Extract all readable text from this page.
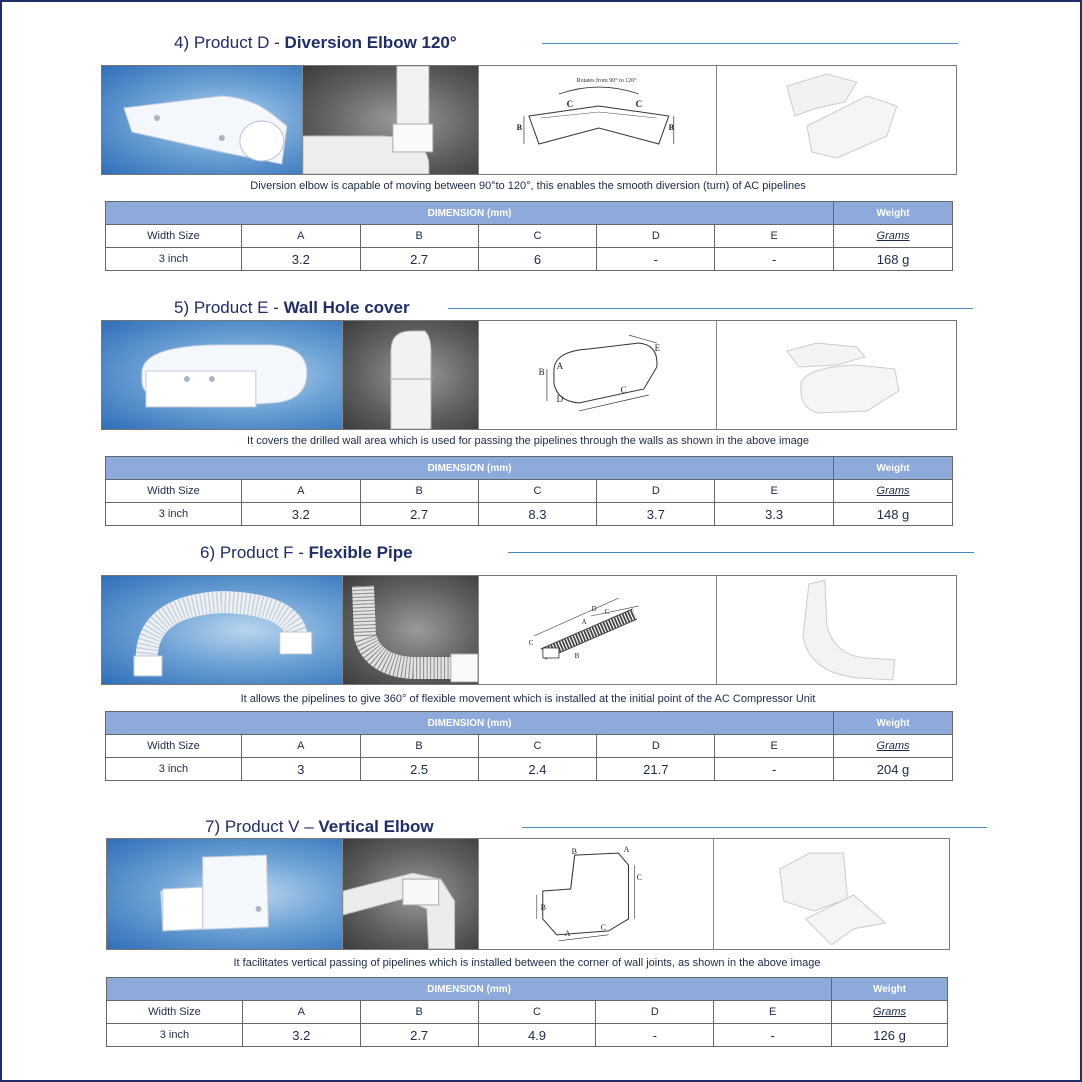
4) Product D - Diversion Elbow 120°
Rotates from 90° to 120°
C	C
B	B
Diversion elbow is capable of moving between 90°to 120°, this enables the smooth diversion (turn) of AC pipelines
DIMENSION (mm)						Weight
Width Size	A	B	C	D	E	Grams
3 inch	3.2	2.7	6	-	-	168 g
5) Product E - Wall Hole cover
E
A
B
C
D
It covers the drilled wall area which is used for passing the pipelines through the walls as shown in the above image
DIMENSION (mm)						Weight
Width Size	A	B	C	D	E	Grams
3 inch	3.2	2.7	8.3	3.7	3.3	148 g
6) Product F - Flexible Pipe
D C
A
C
B
It allows the pipelines to give 360° of flexible movement which is installed at the initial point of the AC Compressor Unit
DIMENSION (mm)						Weight
Width Size	A	B	C	D	E	Grams
3 inch	3	2.5	2.4	21.7	-	204 g
7) Product V – Vertical Elbow
B	A
C
B
A
C
It facilitates vertical passing of pipelines which is installed between the corner of wall joints, as shown in the above image
DIMENSION (mm)						Weight
Width Size	A	B	C	D	E	Grams
3 inch	3.2	2.7	4.9	-	-	126 g
